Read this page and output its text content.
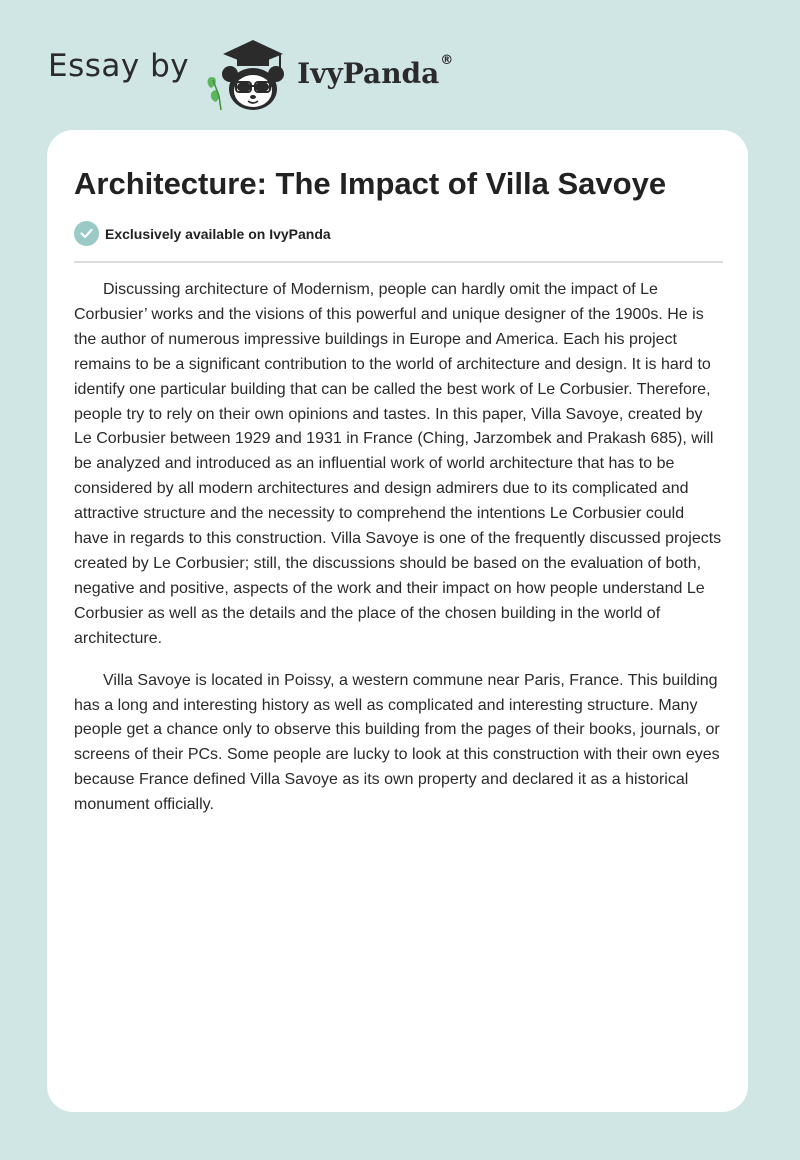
Essay by	IvyPanda ®
Architecture: The Impact of Villa Savoye
Exclusively available on IvyPanda

Discussing architecture of Modernism, people can hardly omit the impact of Le Corbusier’ works and the visions of this powerful and unique designer of the 1900s. He is the author of numerous impressive buildings in Europe and America. Each his project remains to be a significant contribution to the world of architecture and design. It is hard to identify one particular building that can be called the best work of Le Corbusier. Therefore, people try to rely on their own opinions and tastes. In this paper, Villa Savoye, created by Le Corbusier between 1929 and 1931 in France (Ching, Jarzombek and Prakash 685), will be analyzed and introduced as an influential work of world architecture that has to be considered by all modern architectures and design admirers due to its complicated and attractive structure and the necessity to comprehend the intentions Le Corbusier could have in regards to this construction. Villa Savoye is one of the frequently discussed projects created by Le Corbusier; still, the discussions should be based on the evaluation of both, negative and positive, aspects of the work and their impact on how people understand Le Corbusier as well as the details and the place of the chosen building in the world of architecture.

Villa Savoye is located in Poissy, a western commune near Paris, France. This building has a long and interesting history as well as complicated and interesting structure. Many people get a chance only to observe this building from the pages of their books, journals, or screens of their PCs. Some people are lucky to look at this construction with their own eyes because France defined Villa Savoye as its own property and declared it as a historical monument officially.
